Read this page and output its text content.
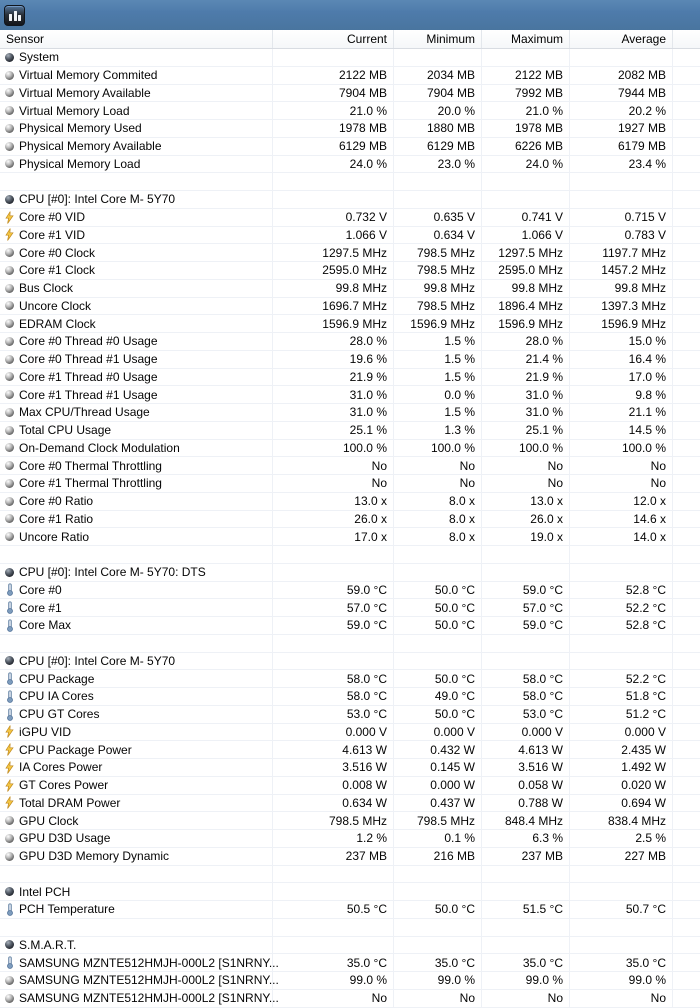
Sensor	Current	Minimum	Maximum	Average
System
Virtual Memory Commited	2122 MB	2034 MB	2122 MB	2082 MB
Virtual Memory Available	7904 MB	7904 MB	7992 MB	7944 MB
Virtual Memory Load	21.0 %	20.0 %	21.0 %	20.2 %
Physical Memory Used	1978 MB	1880 MB	1978 MB	1927 MB
Physical Memory Available	6129 MB	6129 MB	6226 MB	6179 MB
Physical Memory Load	24.0 %	23.0 %	24.0 %	23.4 %
CPU [#0]: Intel Core M- 5Y70
Core #0 VID	0.732 V	0.635 V	0.741 V	0.715 V
Core #1 VID	1.066 V	0.634 V	1.066 V	0.783 V
Core #0 Clock	1297.5 MHz	798.5 MHz	1297.5 MHz	1197.7 MHz
Core #1 Clock	2595.0 MHz	798.5 MHz	2595.0 MHz	1457.2 MHz
Bus Clock	99.8 MHz	99.8 MHz	99.8 MHz	99.8 MHz
Uncore Clock	1696.7 MHz	798.5 MHz	1896.4 MHz	1397.3 MHz
EDRAM Clock	1596.9 MHz	1596.9 MHz	1596.9 MHz	1596.9 MHz
Core #0 Thread #0 Usage	28.0 %	1.5 %	28.0 %	15.0 %
Core #0 Thread #1 Usage	19.6 %	1.5 %	21.4 %	16.4 %
Core #1 Thread #0 Usage	21.9 %	1.5 %	21.9 %	17.0 %
Core #1 Thread #1 Usage	31.0 %	0.0 %	31.0 %	9.8 %
Max CPU/Thread Usage	31.0 %	1.5 %	31.0 %	21.1 %
Total CPU Usage	25.1 %	1.3 %	25.1 %	14.5 %
On-Demand Clock Modulation	100.0 %	100.0 %	100.0 %	100.0 %
Core #0 Thermal Throttling	No	No	No	No
Core #1 Thermal Throttling	No	No	No	No
Core #0 Ratio	13.0 x	8.0 x	13.0 x	12.0 x
Core #1 Ratio	26.0 x	8.0 x	26.0 x	14.6 x
Uncore Ratio	17.0 x	8.0 x	19.0 x	14.0 x
CPU [#0]: Intel Core M- 5Y70: DTS
Core #0	59.0 °C	50.0 °C	59.0 °C	52.8 °C
Core #1	57.0 °C	50.0 °C	57.0 °C	52.2 °C
Core Max	59.0 °C	50.0 °C	59.0 °C	52.8 °C
CPU [#0]: Intel Core M- 5Y70
CPU Package	58.0 °C	50.0 °C	58.0 °C	52.2 °C
CPU IA Cores	58.0 °C	49.0 °C	58.0 °C	51.8 °C
CPU GT Cores	53.0 °C	50.0 °C	53.0 °C	51.2 °C
iGPU VID	0.000 V	0.000 V	0.000 V	0.000 V
CPU Package Power	4.613 W	0.432 W	4.613 W	2.435 W
IA Cores Power	3.516 W	0.145 W	3.516 W	1.492 W
GT Cores Power	0.008 W	0.000 W	0.058 W	0.020 W
Total DRAM Power	0.634 W	0.437 W	0.788 W	0.694 W
GPU Clock	798.5 MHz	798.5 MHz	848.4 MHz	838.4 MHz
GPU D3D Usage	1.2 %	0.1 %	6.3 %	2.5 %
GPU D3D Memory Dynamic	237 MB	216 MB	237 MB	227 MB
Intel PCH
PCH Temperature	50.5 °C	50.0 °C	51.5 °C	50.7 °C
S.M.A.R.T.
SAMSUNG MZNTE512HMJH-000L2 [S1NRNY...	35.0 °C	35.0 °C	35.0 °C	35.0 °C
SAMSUNG MZNTE512HMJH-000L2 [S1NRNY...	99.0 %	99.0 %	99.0 %	99.0 %
SAMSUNG MZNTE512HMJH-000L2 [S1NRNY...	No	No	No	No
